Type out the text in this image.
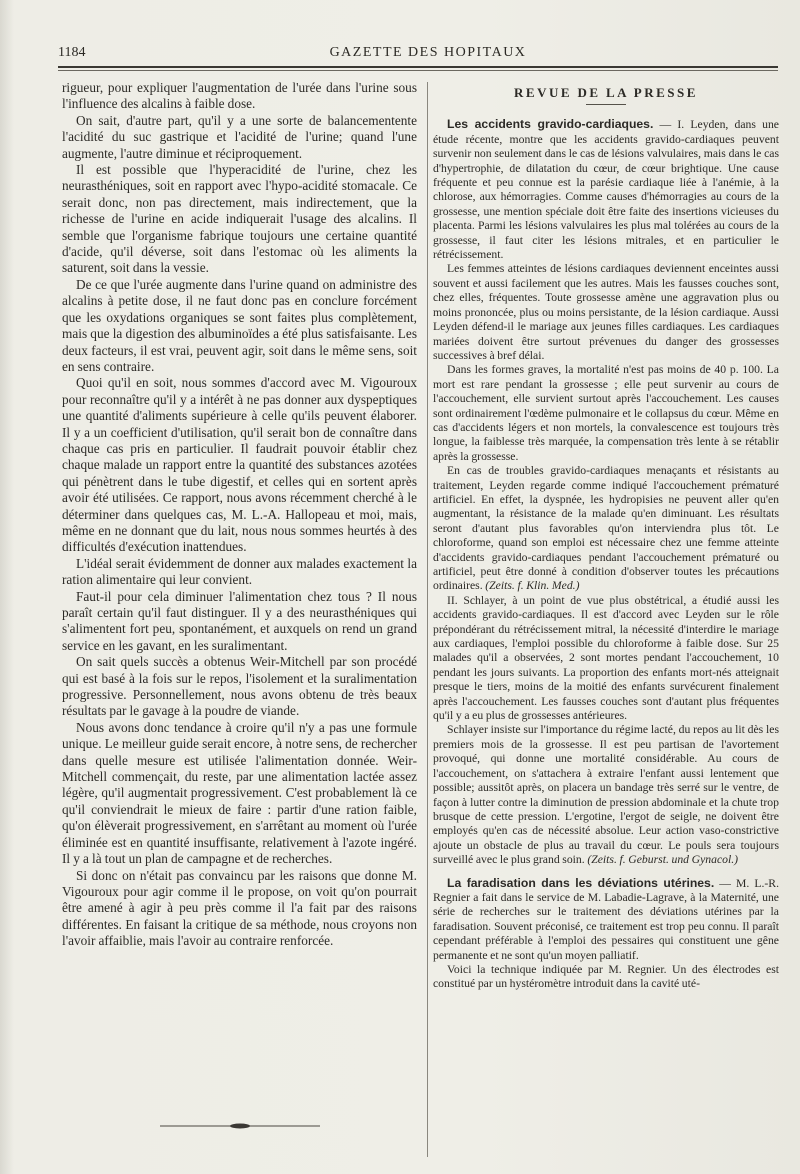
1184	GAZETTE DES HOPITAUX

rigueur, pour expliquer l'augmentation de l'urée dans l'urine sous l'influence des alcalins à faible dose.

On sait, d'autre part, qu'il y a une sorte de balancementente l'acidité du suc gastrique et l'acidité de l'urine; quand l'une augmente, l'autre diminue et réciproquement.

Il est possible que l'hyperacidité de l'urine, chez les neurasthéniques, soit en rapport avec l'hypo-acidité stomacale. Ce serait donc, non pas directement, mais indirectement, que la richesse de l'urine en acide indiquerait l'usage des alcalins. Il semble que l'organisme fabrique toujours une certaine quantité d'acide, qu'il déverse, soit dans l'estomac où les aliments la saturent, soit dans la vessie.

De ce que l'urée augmente dans l'urine quand on administre des alcalins à petite dose, il ne faut donc pas en conclure forcément que les oxydations organiques se sont faites plus complètement, mais que la digestion des albuminoïdes a été plus satisfaisante. Les deux facteurs, il est vrai, peuvent agir, soit dans le même sens, soit en sens contraire.

Quoi qu'il en soit, nous sommes d'accord avec M. Vigouroux pour reconnaître qu'il y a intérêt à ne pas donner aux dyspeptiques une quantité d'aliments supérieure à celle qu'ils peuvent élaborer. Il y a un coefficient d'utilisation, qu'il serait bon de connaître dans chaque cas pris en particulier. Il faudrait pouvoir établir chez chaque malade un rapport entre la quantité des substances azotées qui pénètrent dans le tube digestif, et celles qui en sortent après avoir été utilisées. Ce rapport, nous avons récemment cherché à le déterminer dans quelques cas, M. L.-A. Hallopeau et moi, mais, même en ne donnant que du lait, nous nous sommes heurtés à des difficultés d'exécution inattendues.

L'idéal serait évidemment de donner aux malades exactement la ration alimentaire qui leur convient.

Faut-il pour cela diminuer l'alimentation chez tous ? Il nous paraît certain qu'il faut distinguer. Il y a des neurasthéniques qui s'alimentent fort peu, spontanément, et auxquels on rend un grand service en les gavant, en les suralimentant.

On sait quels succès a obtenus Weir-Mitchell par son procédé qui est basé à la fois sur le repos, l'isolement et la suralimentation progressive. Personnellement, nous avons obtenu de très beaux résultats par le gavage à la poudre de viande.

Nous avons donc tendance à croire qu'il n'y a pas une formule unique. Le meilleur guide serait encore, à notre sens, de rechercher dans quelle mesure est utilisée l'alimentation donnée. Weir-Mitchell commençait, du reste, par une alimentation lactée assez légère, qu'il augmentait progressivement. C'est probablement là ce qu'il conviendrait le mieux de faire : partir d'une ration faible, qu'on élèverait progressivement, en s'arrêtant au moment où l'urée éliminée est en quantité insuffisante, relativement à l'azote ingéré. Il y a là tout un plan de campagne et de recherches.

Si donc on n'était pas convaincu par les raisons que donne M. Vigouroux pour agir comme il le propose, on voit qu'on pourrait être amené à agir à peu près comme il l'a fait par des raisons différentes. En faisant la critique de sa méthode, nous croyons non l'avoir affaiblie, mais l'avoir au contraire renforcée.

REVUE DE LA PRESSE

Les accidents gravido-cardiaques. — I. Leyden, dans une étude récente, montre que les accidents gravido-cardiaques peuvent survenir non seulement dans le cas de lésions valvulaires, mais dans le cas d'hypertrophie, de dilatation du cœur, de cœur brightique. Une cause fréquente et peu connue est la parésie cardiaque liée à l'anémie, à la chlorose, aux hémorragies. Comme causes d'hémorragies au cours de la grossesse, une mention spéciale doit être faite des insertions vicieuses du placenta. Parmi les lésions valvulaires les plus mal tolérées au cours de la grossesse, il faut citer les lésions mitrales, et en particulier le rétrécissement.

Les femmes atteintes de lésions cardiaques deviennent enceintes aussi souvent et aussi facilement que les autres. Mais les fausses couches sont, chez elles, fréquentes. Toute grossesse amène une aggravation plus ou moins prononcée, plus ou moins persistante, de la lésion cardiaque. Aussi Leyden défend-il le mariage aux jeunes filles cardiaques. Les cardiaques mariées doivent être surtout prévenues du danger des grossesses successives à bref délai.

Dans les formes graves, la mortalité n'est pas moins de 40 p. 100. La mort est rare pendant la grossesse ; elle peut survenir au cours de l'accouchement, elle survient surtout après l'accouchement. Les causes sont ordinairement l'œdème pulmonaire et le collapsus du cœur. Même en cas d'accidents légers et non mortels, la convalescence est toujours très longue, la faiblesse très marquée, la compensation très lente à se rétablir après la grossesse.

En cas de troubles gravido-cardiaques menaçants et résistants au traitement, Leyden regarde comme indiqué l'accouchement prématuré artificiel. En effet, la dyspnée, les hydropisies ne peuvent aller qu'en augmentant, la résistance de la malade qu'en diminuant. Les résultats seront d'autant plus favorables qu'on interviendra plus tôt. Le chloroforme, quand son emploi est nécessaire chez une femme atteinte d'accidents gravido-cardiaques pendant l'accouchement prématuré ou artificiel, peut être donné à condition d'observer toutes les précautions ordinaires. (Zeits. f. Klin. Med.)

II. Schlayer, à un point de vue plus obstétrical, a étudié aussi les accidents gravido-cardiaques. Il est d'accord avec Leyden sur le rôle prépondérant du rétrécissement mitral, la nécessité d'interdire le mariage aux cardiaques, l'emploi possible du chloroforme à faible dose. Sur 25 malades qu'il a observées, 2 sont mortes pendant l'accouchement, 10 pendant les jours suivants. La proportion des enfants mort-nés atteignait presque le tiers, moins de la moitié des enfants survécurent finalement après l'accouchement. Les fausses couches sont d'autant plus fréquentes qu'il y a eu plus de grossesses antérieures.

Schlayer insiste sur l'importance du régime lacté, du repos au lit dès les premiers mois de la grossesse. Il est peu partisan de l'avortement provoqué, qui donne une mortalité considérable. Au cours de l'accouchement, on s'attachera à extraire l'enfant aussi lentement que possible; aussitôt après, on placera un bandage très serré sur le ventre, de façon à lutter contre la diminution de pression abdominale et la chute trop brusque de cette pression. L'ergotine, l'ergot de seigle, ne doivent être employés qu'en cas de nécessité absolue. Leur action vaso-constrictive ajoute un obstacle de plus au travail du cœur. Le pouls sera toujours surveillé avec le plus grand soin. (Zeits. f. Geburst. und Gynacol.)

La faradisation dans les déviations utérines. — M. L.-R. Regnier a fait dans le service de M. Labadie-Lagrave, à la Maternité, une série de recherches sur le traitement des déviations utérines par la faradisation. Souvent préconisé, ce traitement est trop peu connu. Il paraît cependant préférable à l'emploi des pessaires qui constituent une gêne permanente et ne sont qu'un moyen palliatif.

Voici la technique indiquée par M. Regnier. Un des électrodes est constitué par un hystéromètre introduit dans la cavité uté-
